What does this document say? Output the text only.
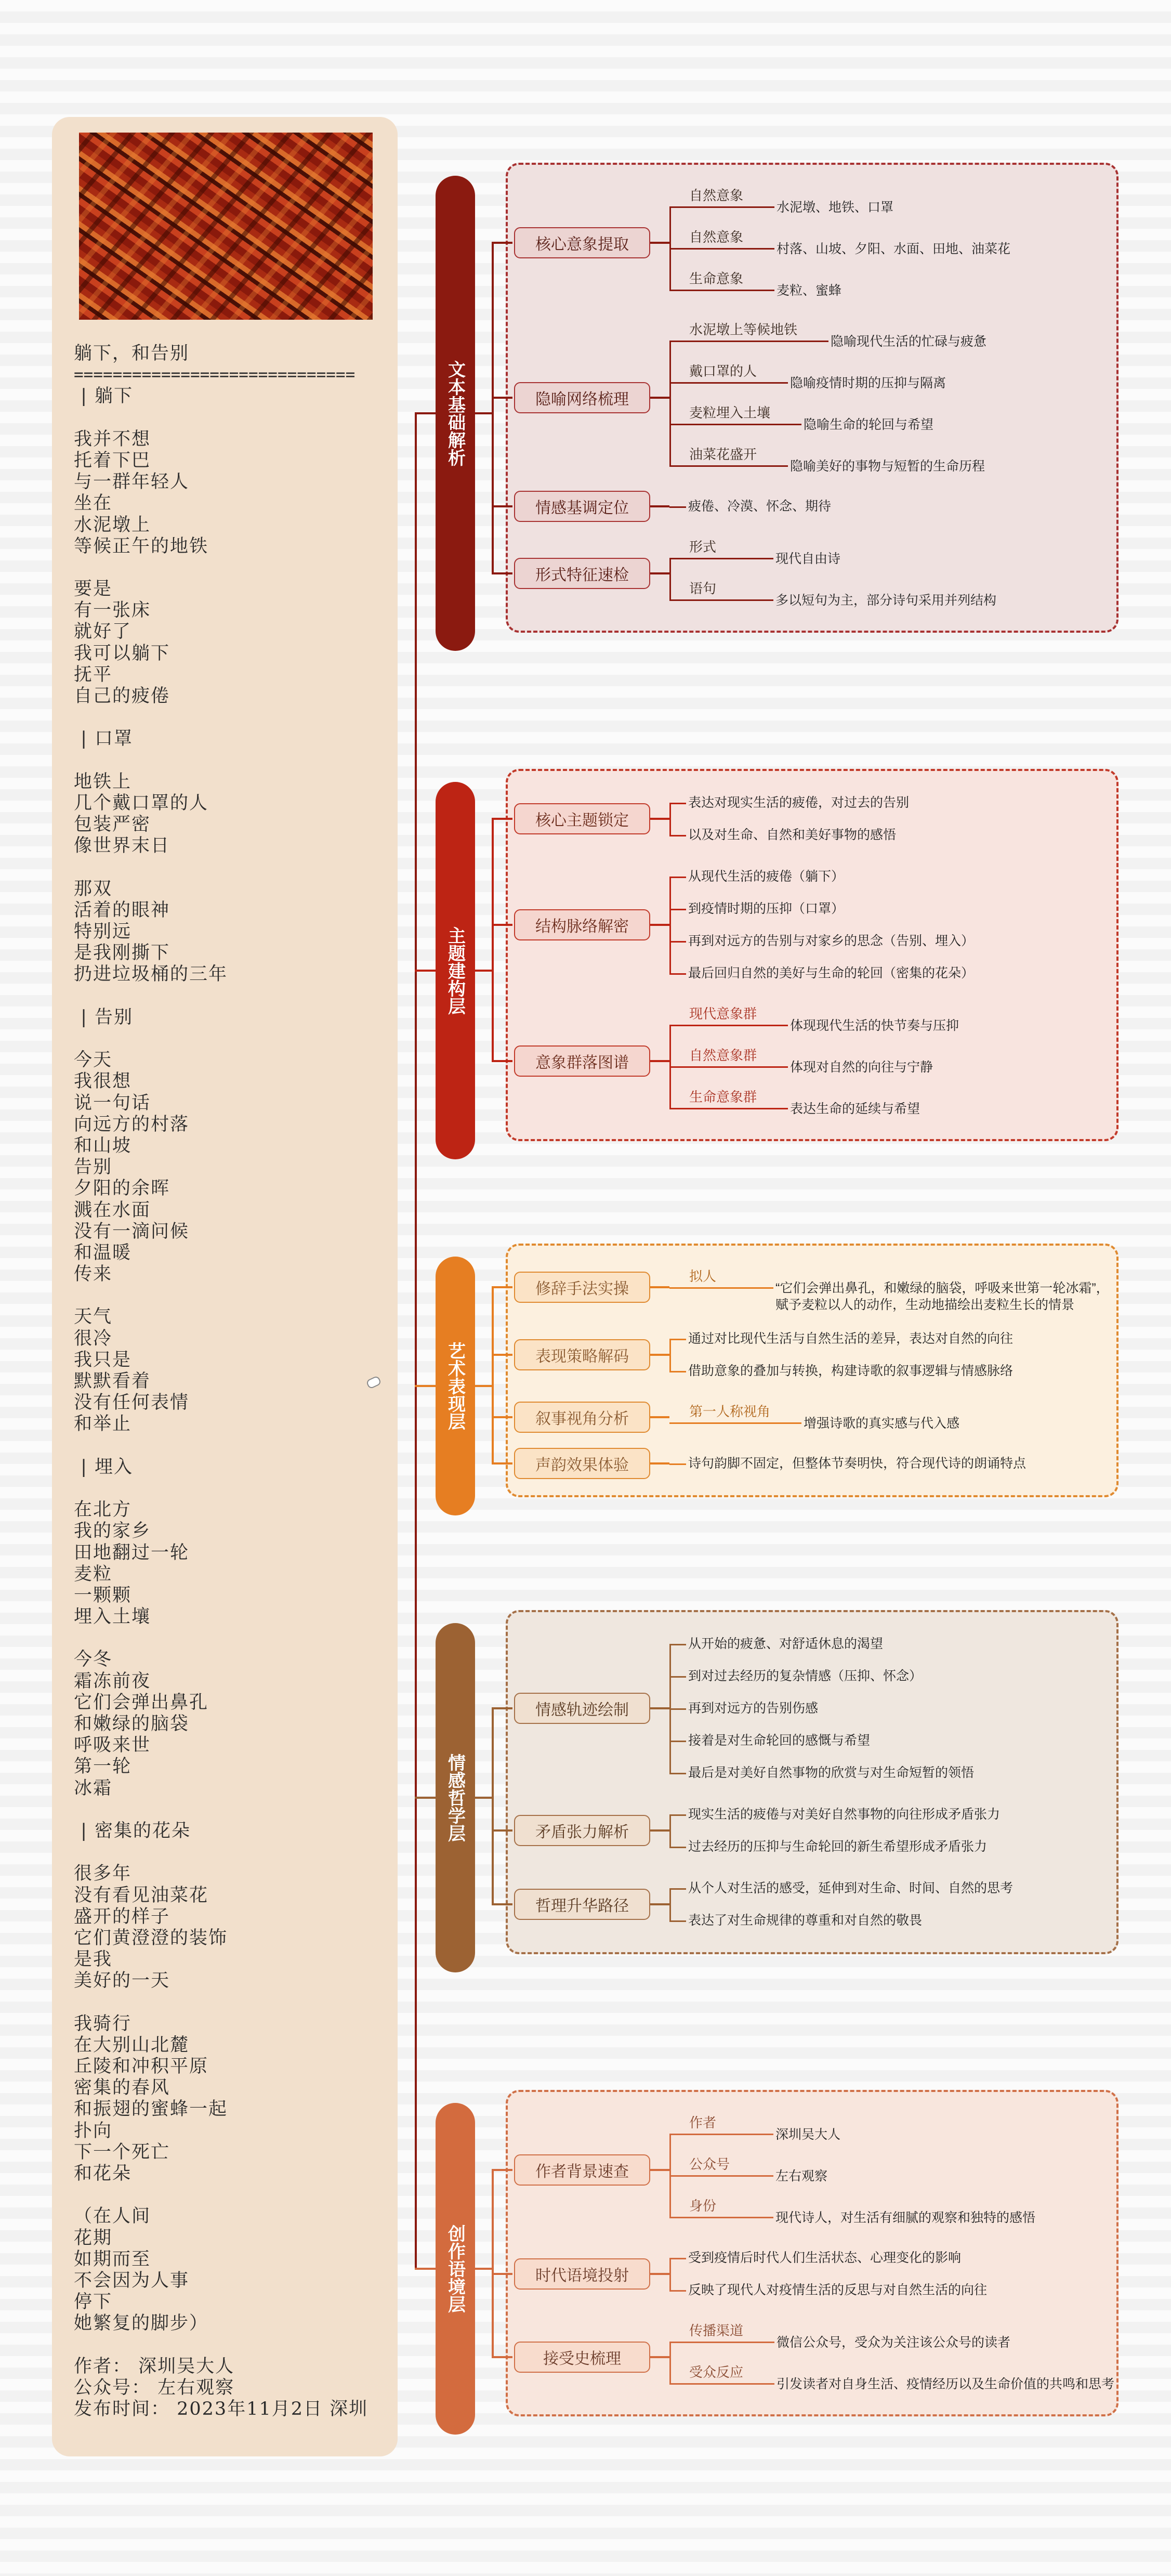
躺下，和告别
=============================
| 躺下
我并不想
托着下巴
与一群年轻人
坐在
水泥墩上
等候正午的地铁
要是
有一张床
就好了
我可以躺下
抚平
自己的疲倦
| 口罩
地铁上
几个戴口罩的人
包装严密
像世界末日
那双
活着的眼神
特别远
是我刚撕下
扔进垃圾桶的三年
| 告别
今天
我很想
说一句话
向远方的村落
和山坡
告别
夕阳的余晖
溅在水面
没有一滴问候
和温暖
传来
天气
很冷
我只是
默默看着
没有任何表情
和举止
| 埋入
在北方
我的家乡
田地翻过一轮
麦粒
一颗颗
埋入土壤
今冬
霜冻前夜
它们会弹出鼻孔
和嫩绿的脑袋
呼吸来世
第一轮
冰霜
| 密集的花朵
很多年
没有看见油菜花
盛开的样子
它们黄澄澄的装饰
是我
美好的一天
我骑行
在大别山北麓
丘陵和冲积平原
密集的春风
和振翅的蜜蜂一起
扑向
下一个死亡
和花朵
（在人间
花期
如期而至
不会因为人事
停下
她繁复的脚步）
作者： 深圳吴大人
公众号： 左右观察
发布时间： 2023年11月2日 深圳
文本基础解析
核心意象提取
自然意象
水泥墩、地铁、口罩
自然意象
村落、山坡、夕阳、水面、田地、油菜花
生命意象
麦粒、蜜蜂
隐喻网络梳理
水泥墩上等候地铁
隐喻现代生活的忙碌与疲惫
戴口罩的人
隐喻疫情时期的压抑与隔离
麦粒埋入土壤
隐喻生命的轮回与希望
油菜花盛开
隐喻美好的事物与短暂的生命历程
情感基调定位	疲倦、冷漠、怀念、期待
形式特征速检
形式
现代自由诗
语句
多以短句为主，部分诗句采用并列结构
主题建构层
核心主题锁定
表达对现实生活的疲倦，对过去的告别
以及对生命、自然和美好事物的感悟
结构脉络解密
从现代生活的疲倦（躺下）
到疫情时期的压抑（口罩）
再到对远方的告别与对家乡的思念（告别、埋入）
最后回归自然的美好与生命的轮回（密集的花朵）
意象群落图谱
现代意象群
体现现代生活的快节奏与压抑
自然意象群
体现对自然的向往与宁静
生命意象群
表达生命的延续与希望
艺术表现层
修辞手法实操
拟人
“它们会弹出鼻孔，和嫩绿的脑袋，呼吸来世第一轮冰霜”，赋予麦粒以人的动作，生动地描绘出麦粒生长的情景
表现策略解码
通过对比现代生活与自然生活的差异，表达对自然的向往
借助意象的叠加与转换，构建诗歌的叙事逻辑与情感脉络
叙事视角分析	第一人称视角
增强诗歌的真实感与代入感
声韵效果体验	诗句韵脚不固定，但整体节奏明快，符合现代诗的朗诵特点
情感哲学层
情感轨迹绘制
从开始的疲惫、对舒适休息的渴望
到对过去经历的复杂情感（压抑、怀念）
再到对远方的告别伤感
接着是对生命轮回的感慨与希望
最后是对美好自然事物的欣赏与对生命短暂的领悟
矛盾张力解析
现实生活的疲倦与对美好自然事物的向往形成矛盾张力
过去经历的压抑与生命轮回的新生希望形成矛盾张力
哲理升华路径
从个人对生活的感受，延伸到对生命、时间、自然的思考
表达了对生命规律的尊重和对自然的敬畏
创作语境层
作者背景速查
作者
深圳吴大人
公众号
左右观察
身份
现代诗人，对生活有细腻的观察和独特的感悟
时代语境投射
受到疫情后时代人们生活状态、心理变化的影响
反映了现代人对疫情生活的反思与对自然生活的向往
接受史梳理
传播渠道
微信公众号，受众为关注该公众号的读者
受众反应
引发读者对自身生活、疫情经历以及生命价值的共鸣和思考
